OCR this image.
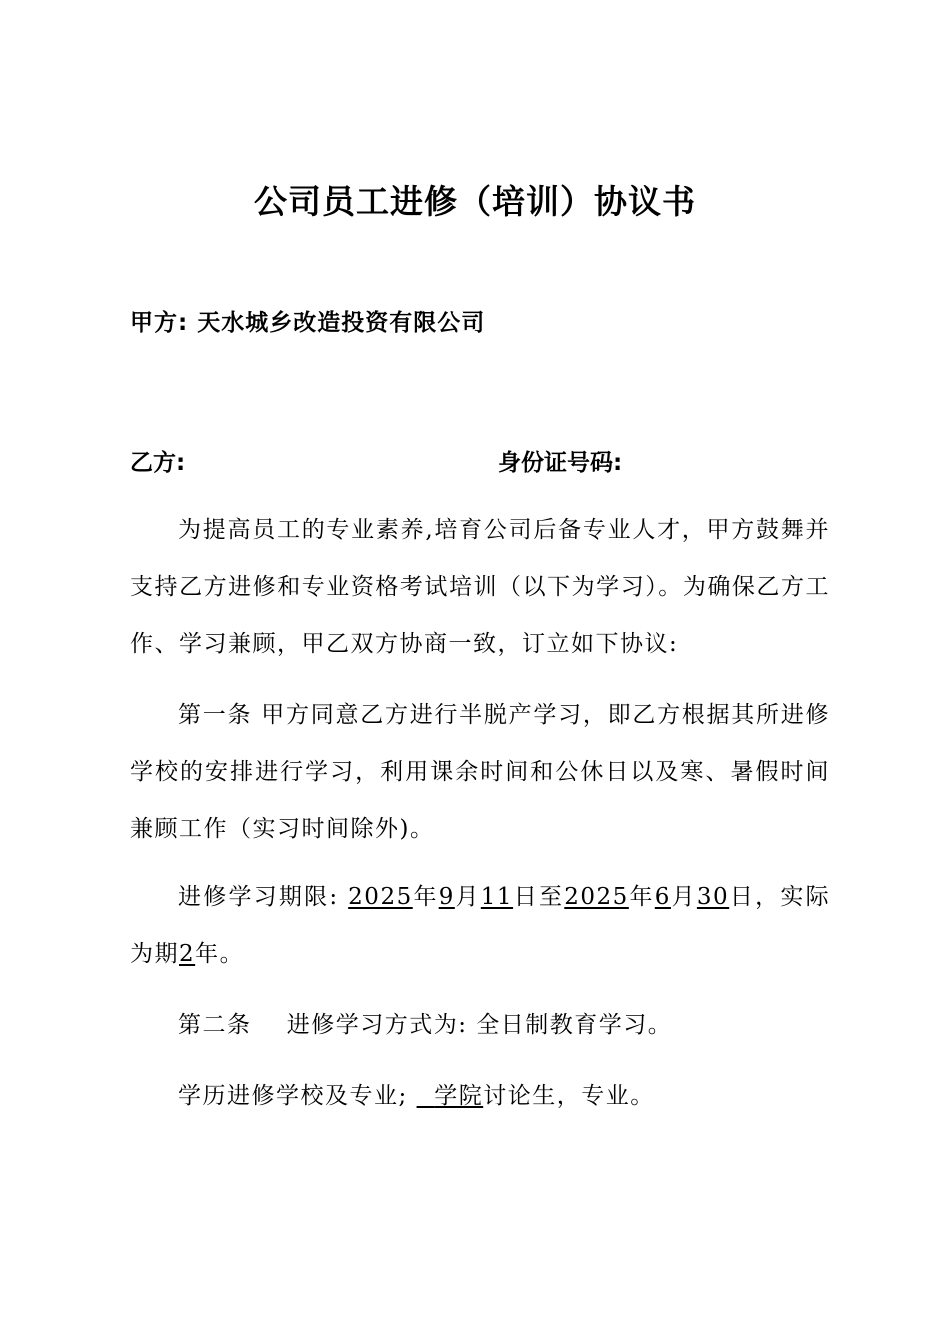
公司员工进修（培训）协议书
甲方: 天水城乡改造投资有限公司
乙方:	身份证号码:
为提高员工的专业素养,培育公司后备专业人才，甲方鼓舞并支持乙方进修和专业资格考试培训（以下为学习）。为确保乙方工作、学习兼顾，甲乙双方协商一致，订立如下协议:
第一条 甲方同意乙方进行半脱产学习，即乙方根据其所进修学校的安排进行学习，利用课余时间和公休日以及寒、暑假时间兼顾工作（实习时间除外)。
进修学习期限: 2025年9月11日至2025年6月30日，实际为期2年。
第二条    进修学习方式为: 全日制教育学习。
学历进修学校及专业; 学院讨论生，专业。
